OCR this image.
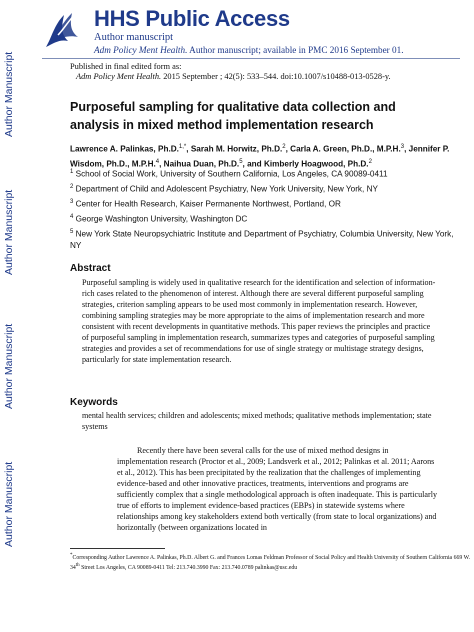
Author Manuscript
Author Manuscript
Author Manuscript
Author Manuscript
HHS Public Access
Author manuscript
Adm Policy Ment Health. Author manuscript; available in PMC 2016 September 01.
Published in final edited form as:
Adm Policy Ment Health. 2015 September ; 42(5): 533–544. doi:10.1007/s10488-013-0528-y.
Purposeful sampling for qualitative data collection and analysis in mixed method implementation research
Lawrence A. Palinkas, Ph.D.$^{1,*}$, Sarah M. Horwitz, Ph.D.$^2$, Carla A. Green, Ph.D., M.P.H.$^3$, Jennifer P. Wisdom, Ph.D., M.P.H.$^4$, Naihua Duan, Ph.D.$^5$, and Kimberly Hoagwood, Ph.D.$^2$
$^1$ School of Social Work, University of Southern California, Los Angeles, CA 90089-0411
$^2$ Department of Child and Adolescent Psychiatry, New York University, New York, NY
$^3$ Center for Health Research, Kaiser Permanente Northwest, Portland, OR
$^4$ George Washington University, Washington DC
$^5$ New York State Neuropsychiatric Institute and Department of Psychiatry, Columbia University, New York, NY
Abstract
Purposeful sampling is widely used in qualitative research for the identification and selection of information-rich cases related to the phenomenon of interest. Although there are several different purposeful sampling strategies, criterion sampling appears to be used most commonly in implementation research. However, combining sampling strategies may be more appropriate to the aims of implementation research and more consistent with recent developments in quantitative methods. This paper reviews the principles and practice of purposeful sampling in implementation research, summarizes types and categories of purposeful sampling strategies and provides a set of recommendations for use of single strategy or multistage strategy designs, particularly for state implementation research.
Keywords
mental health services; children and adolescents; mixed methods; qualitative methods implementation; state systems
Recently there have been several calls for the use of mixed method designs in implementation research (Proctor et al., 2009; Landsverk et al., 2012; Palinkas et al. 2011; Aarons et al., 2012). This has been precipitated by the realization that the challenges of implementing evidence-based and other innovative practices, treatments, interventions and programs are sufficiently complex that a single methodological approach is often inadequate. This is particularly true of efforts to implement evidence-based practices (EBPs) in statewide systems where relationships among key stakeholders extend both vertically (from state to local organizations) and horizontally (between organizations located in
*Corresponding Author Lawrence A. Palinkas, Ph.D. Albert G. and Frances Lomas Feldman Professor of Social Policy and Health University of Southern California 669 W. 34th Street Los Angeles, CA 90089-0411 Tel: 213.740.3990 Fax: 213.740.0789 palinkas@usc.edu
